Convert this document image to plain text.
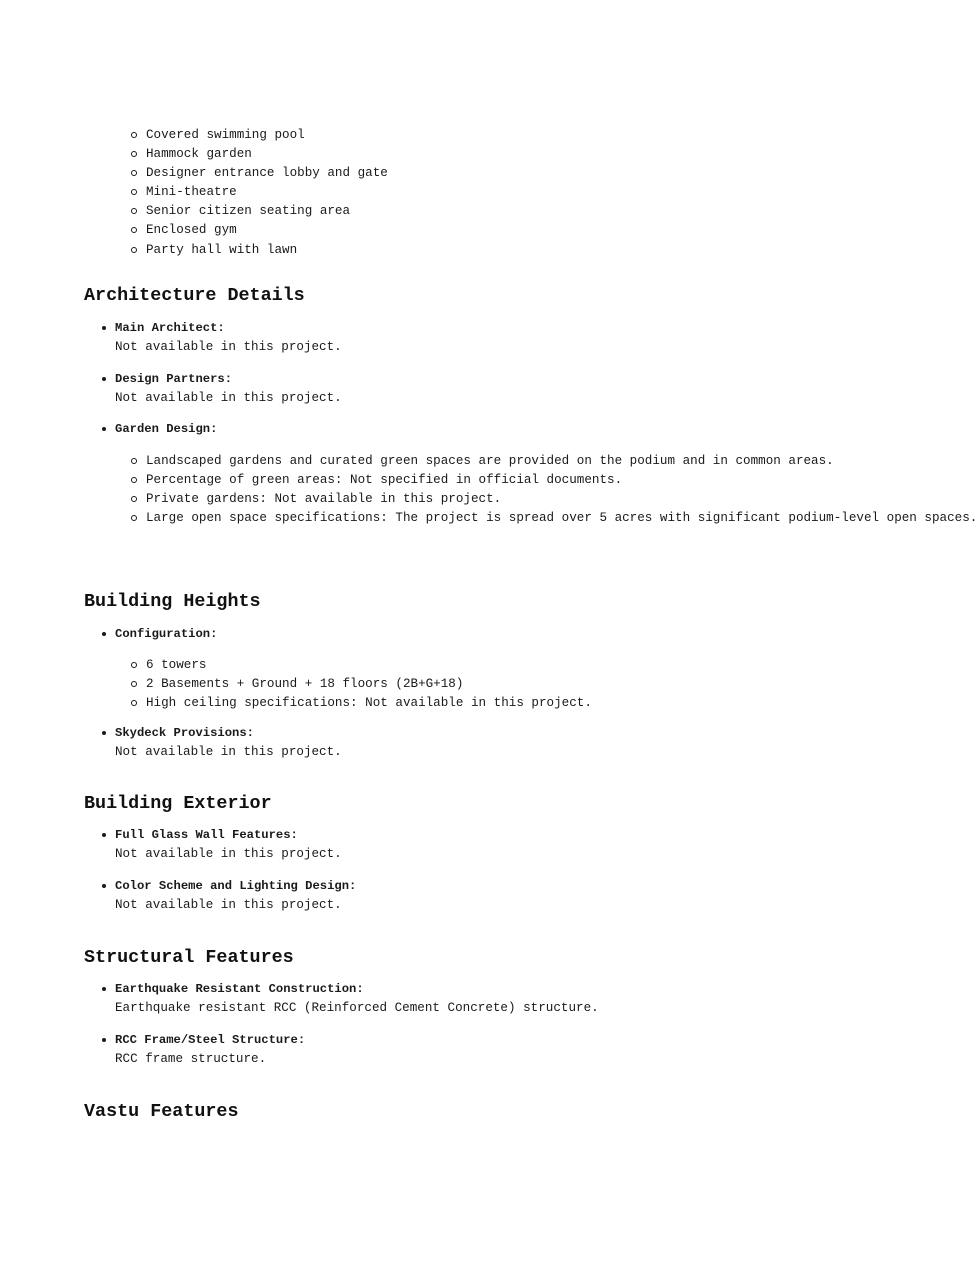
Covered swimming pool
Hammock garden
Designer entrance lobby and gate
Mini-theatre
Senior citizen seating area
Enclosed gym
Party hall with lawn
Architecture Details
Main Architect:
Not available in this project.
Design Partners:
Not available in this project.
Garden Design:
Landscaped gardens and curated green spaces are provided on the podium and in common areas.
Percentage of green areas: Not specified in official documents.
Private gardens: Not available in this project.
Large open space specifications: The project is spread over 5 acres with significant podium-level open spaces.
Building Heights
Configuration:
6 towers
2 Basements + Ground + 18 floors (2B+G+18)
High ceiling specifications: Not available in this project.
Skydeck Provisions:
Not available in this project.
Building Exterior
Full Glass Wall Features:
Not available in this project.
Color Scheme and Lighting Design:
Not available in this project.
Structural Features
Earthquake Resistant Construction:
Earthquake resistant RCC (Reinforced Cement Concrete) structure.
RCC Frame/Steel Structure:
RCC frame structure.
Vastu Features
